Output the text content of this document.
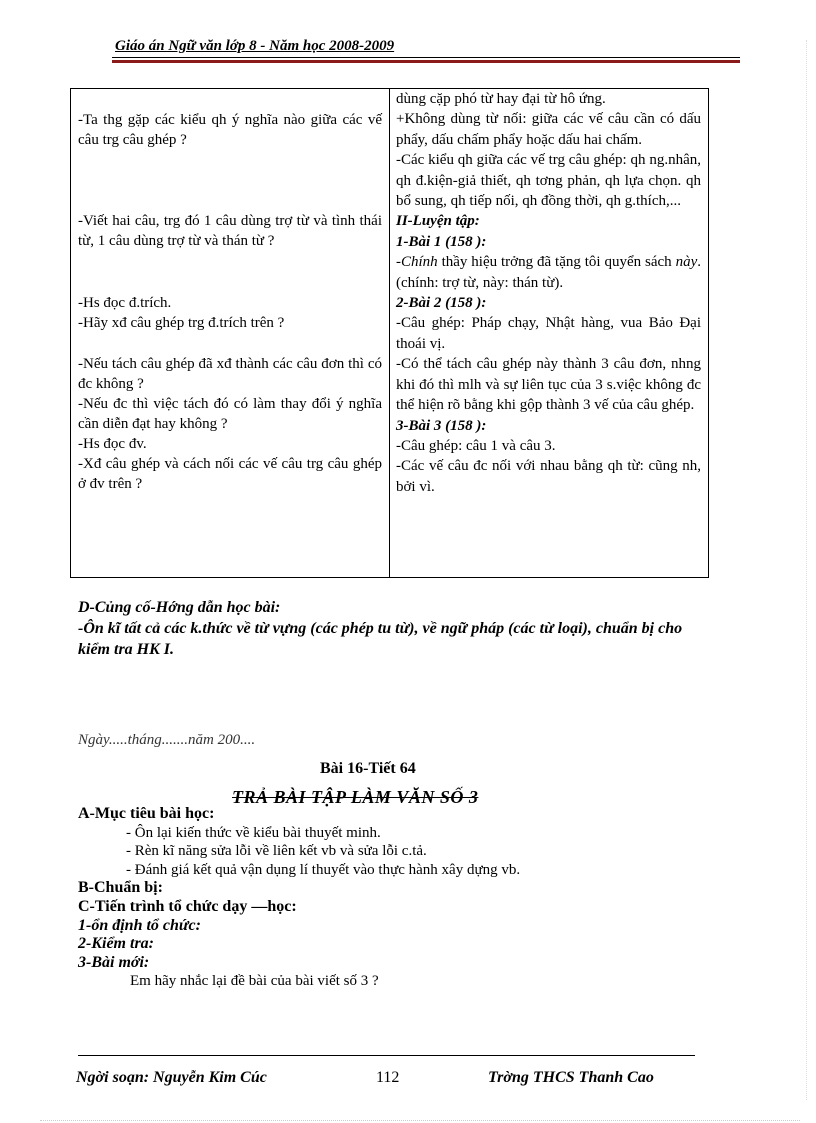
Giáo án Ngữ văn lớp 8 - Năm học 2008-2009

-Ta thg gặp các kiểu qh ý nghĩa nào giữa các vế câu trg câu ghép ?

-Viết hai câu, trg đó 1 câu dùng trợ từ và tình thái từ, 1 câu dùng trợ từ và thán từ ?

-Hs đọc đ.trích.

-Hãy xđ câu ghép trg đ.trích trên ?

-Nếu tách câu ghép đã xđ thành các câu đơn thì có đc không ?

-Nếu đc thì việc tách đó có làm thay đổi ý nghĩa cần diễn đạt hay không ?

-Hs đọc đv.

-Xđ câu ghép và cách nối các vế câu trg câu ghép ở đv trên ?

dùng cặp phó từ hay đại từ hô ứng.

+Không dùng từ nối: giữa các vế câu cần có dấu phẩy, dấu chấm phẩy hoặc dấu hai chấm.

-Các kiểu qh giữa các vế trg câu ghép: qh ng.nhân, qh đ.kiện-giả thiết, qh tơng phản, qh lựa chọn. qh bổ sung, qh tiếp nối, qh đồng thời, qh g.thích,...

II-Luyện tập:

1-Bài 1 (158 ):

-Chính thầy hiệu trởng đã tặng tôi quyển sách này. (chính: trợ từ, này: thán từ).

2-Bài 2 (158 ):

-Câu ghép: Pháp chạy, Nhật hàng, vua Bảo Đại thoái vị.

-Có thể tách câu ghép này thành 3 câu đơn, nhng khi đó thì mlh và sự liên tục của 3 s.việc không đc thể hiện rõ bằng khi gộp thành 3 vế của câu ghép.

3-Bài 3 (158 ):

-Câu ghép: câu 1 và câu 3.

-Các vế câu đc nối với nhau bằng qh từ: cũng nh, bởi vì.

D-Củng cố-Hớng dẫn học bài:

-Ôn kĩ tất cả các k.thức về từ vựng (các phép tu từ), về ngữ pháp (các từ loại), chuẩn bị cho kiểm tra HK I.

Ngày.....tháng.......năm 200....
Bài 16-Tiết 64
TRẢ BÀI TẬP LÀM VĂN SỐ 3

A-Mục tiêu bài học:

- Ôn lại kiến thức về kiểu bài thuyết minh.

- Rèn kĩ năng sửa lỗi về liên kết vb và sửa lỗi c.tả.

- Đánh giá kết quả vận dụng lí thuyết vào thực hành xây dựng vb.

B-Chuẩn bị:

C-Tiến trình tổ chức dạy —học:

1-ổn định tổ chức:

2-Kiểm tra:

3-Bài mới:

Em hãy nhắc lại đề bài của bài viết số 3 ?

Ngời soạn: Nguyễn Kim Cúc	112	Trờng THCS Thanh Cao
